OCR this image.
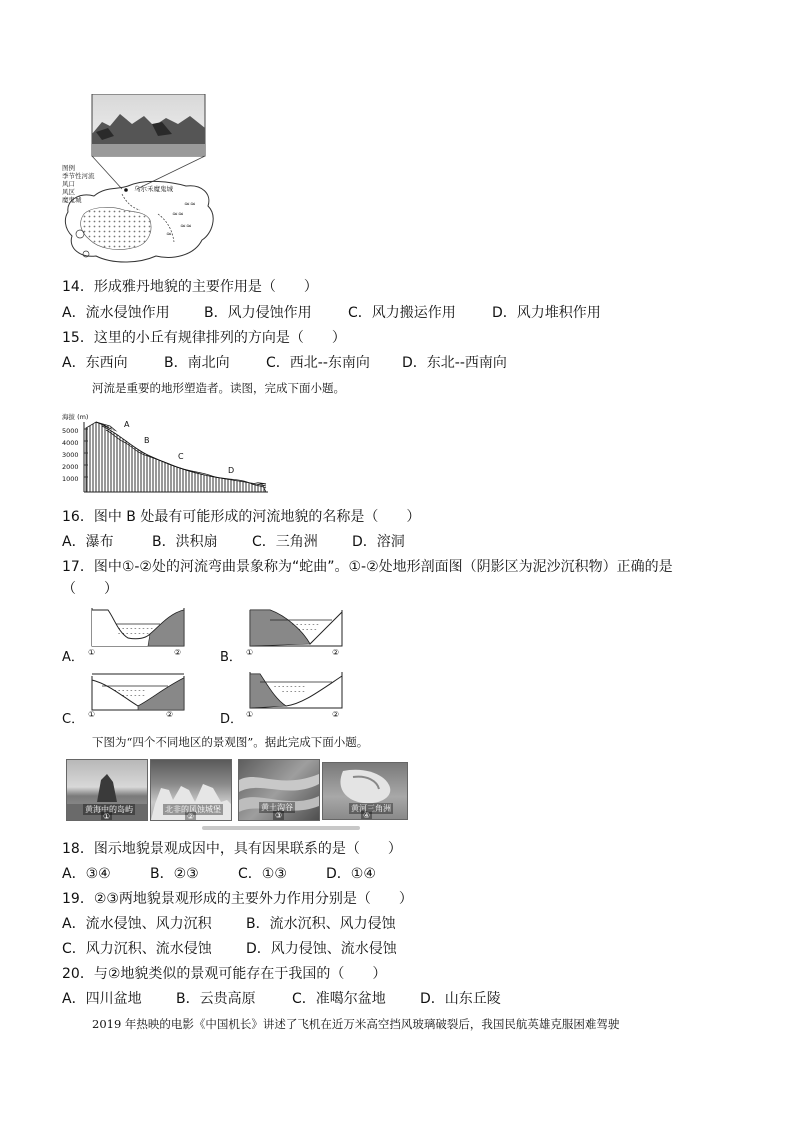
≈≈
≈≈
≈
≈≈
图例
季节性河流
风口
风区
魔鬼城
乌尔禾魔鬼城
14．形成雅丹地貌的主要作用是（　　）
A．流水侵蚀作用 B．风力侵蚀作用	C．风力搬运作用	D．风力堆积作用
15．这里的小丘有规律排列的方向是（　　）
A．东西向	B．南北向	C．西北--东南向 D．东北--西南向
河流是重要的地形塑造者。读图，完成下面小题。
海拔 (m)
5000
4000
3000
2000
1000
A
B
C
D
16．图中 B 处最有可能形成的河流地貌的名称是（　　）
A．瀑布	B．洪积扇 C．三角洲 D．溶洞
17．图中①-②处的河流弯曲景象称为“蛇曲”。①-②处地形剖面图（阴影区为泥沙沉积物）正确的是
（　　）
A．
- - - - - - - - -
- - - - - - - -
①	②	B．
- - - - - - -
- - - - -
①	②
C．
- - - - - - - -
- - - - - -
①	②	D．
- - - - - - - -
- - - - - -
①	②
下图为“四个不同地区的景观图”。据此完成下面小题。
黄海中的岛屿
①
北非的风蚀城堡
②
黄土沟谷
③
黄河三角洲
④
18．图示地貌景观成因中，具有因果联系的是（　　）
A．③④	B．②③	C．①③	D．①④
19．②③两地貌景观形成的主要外力作用分别是（　　）
A．流水侵蚀、风力沉积 B．流水沉积、风力侵蚀
C．风力沉积、流水侵蚀 D．风力侵蚀、流水侵蚀
20．与②地貌类似的景观可能存在于我国的（　　）
A．四川盆地 B．云贵高原	C．准噶尔盆地 D．山东丘陵
2019 年热映的电影《中国机长》讲述了飞机在近万米高空挡风玻璃破裂后，我国民航英雄克服困难驾驶
